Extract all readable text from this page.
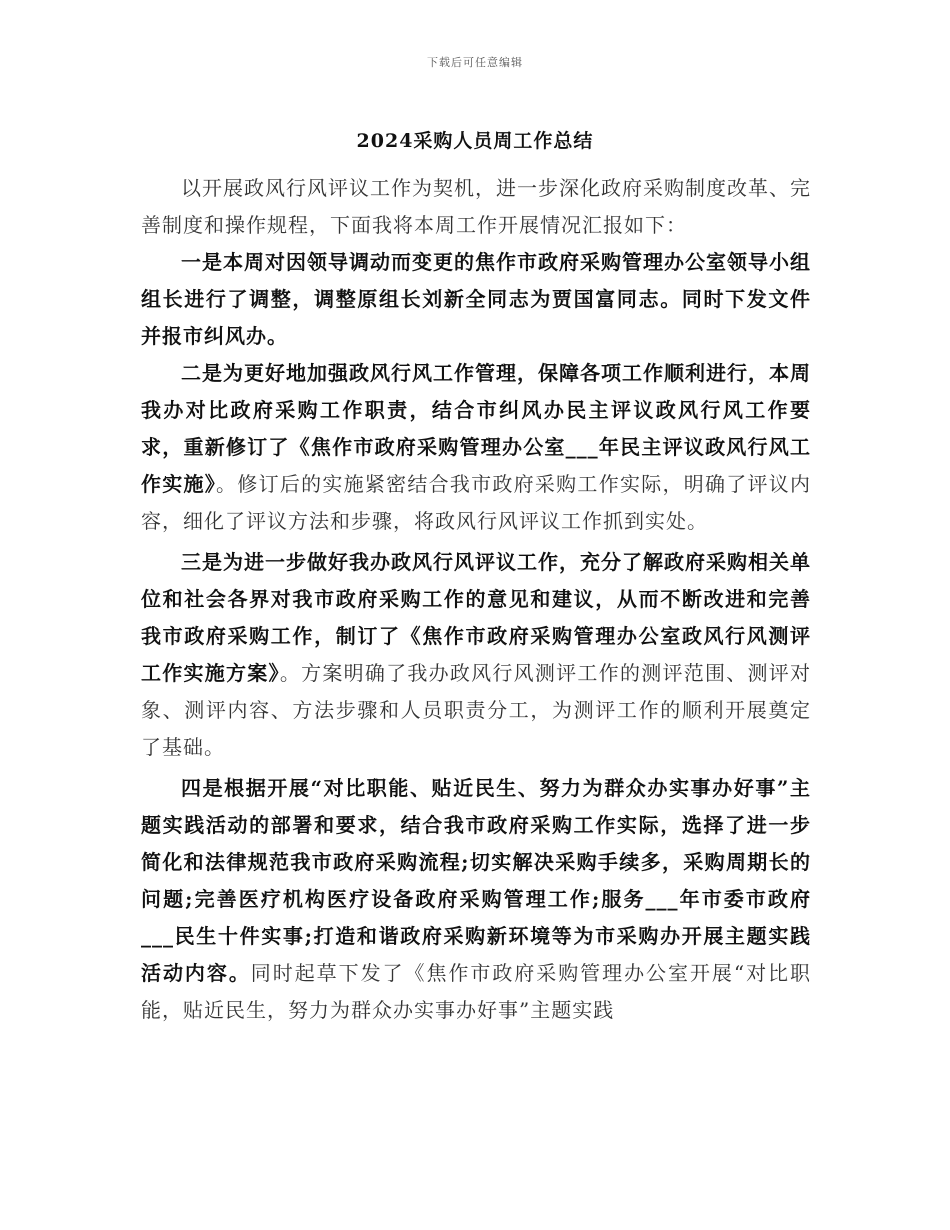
下载后可任意编辑
2024采购人员周工作总结

以开展政风行风评议工作为契机，进一步深化政府采购制度改革、完善制度和操作规程，下面我将本周工作开展情况汇报如下：

一是本周对因领导调动而变更的焦作市政府采购管理办公室领导小组组长进行了调整，调整原组长刘新全同志为贾国富同志。同时下发文件并报市纠风办。

二是为更好地加强政风行风工作管理，保障各项工作顺利进行，本周我办对比政府采购工作职责，结合市纠风办民主评议政风行风工作要求，重新修订了《焦作市政府采购管理办公室___年民主评议政风行风工作实施》。修订后的实施紧密结合我市政府采购工作实际，明确了评议内容，细化了评议方法和步骤，将政风行风评议工作抓到实处。

三是为进一步做好我办政风行风评议工作，充分了解政府采购相关单位和社会各界对我市政府采购工作的意见和建议，从而不断改进和完善我市政府采购工作，制订了《焦作市政府采购管理办公室政风行风测评工作实施方案》。方案明确了我办政风行风测评工作的测评范围、测评对象、测评内容、方法步骤和人员职责分工，为测评工作的顺利开展奠定了基础。

四是根据开展“对比职能、贴近民生、努力为群众办实事办好事”主题实践活动的部署和要求，结合我市政府采购工作实际，选择了进一步简化和法律规范我市政府采购流程;切实解决采购手续多，采购周期长的问题;完善医疗机构医疗设备政府采购管理工作;服务___年市委市政府___民生十件实事;打造和谐政府采购新环境等为市采购办开展主题实践活动内容。同时起草下发了《焦作市政府采购管理办公室开展“对比职能，贴近民生，努力为群众办实事办好事”主题实践
